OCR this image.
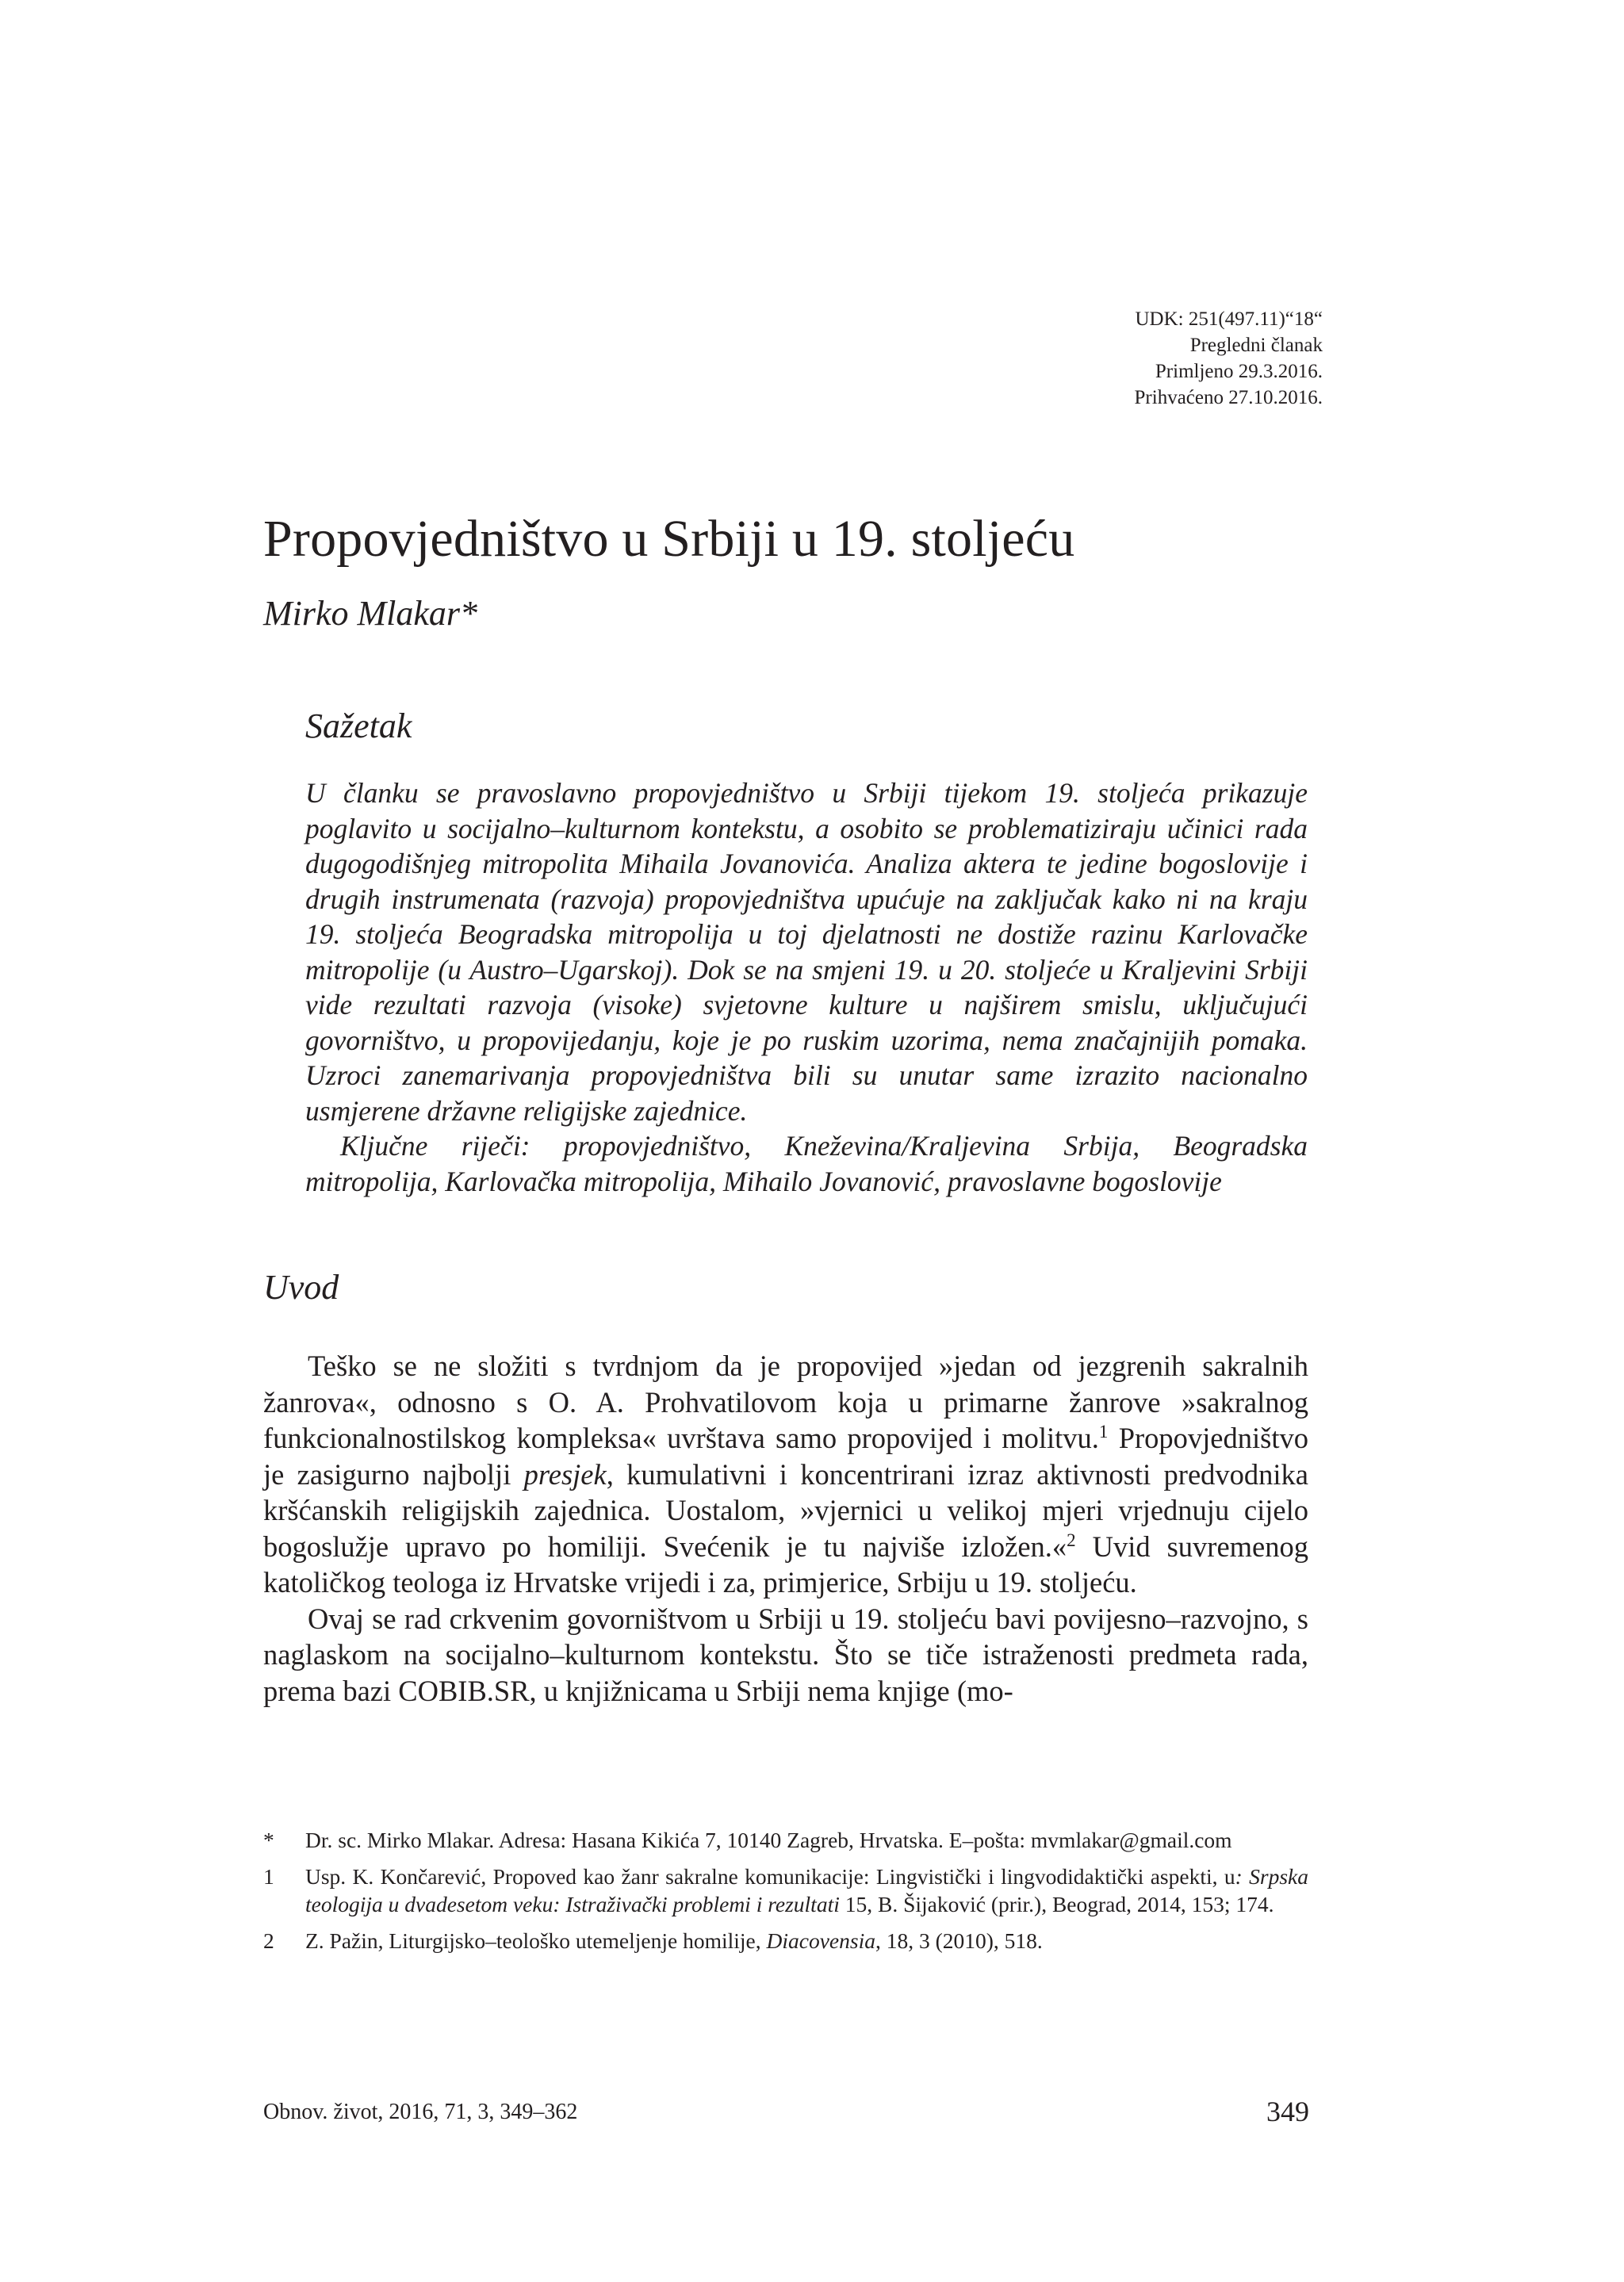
UDK: 251(497.11)“18“
Pregledni članak
Primljeno 29.3.2016.
Prihvaćeno 27.10.2016.
Propovjedništvo u Srbiji u 19. stoljeću
Mirko Mlakar*
Sažetak

U članku se pravoslavno propovjedništvo u Srbiji tijekom 19. stoljeća prikazuje poglavito u socijalno–kulturnom kontekstu, a osobito se problematiziraju učinici rada dugogodišnjeg mitropolita Mihaila Jovanovića. Analiza aktera te jedine bogoslovije i drugih instrumenata (razvoja) propovjedništva upućuje na zaključak kako ni na kraju 19. stoljeća Beogradska mitropolija u toj djelatnosti ne dostiže razinu Karlovačke mitropolije (u Austro–Ugarskoj). Dok se na smjeni 19. u 20. stoljeće u Kraljevini Srbiji vide rezultati razvoja (visoke) svjetovne kulture u najširem smislu, uključujući govorništvo, u propovijedanju, koje je po ruskim uzorima, nema značajnijih pomaka. Uzroci zanemarivanja propovjedništva bili su unutar same izrazito nacionalno usmjerene državne religijske zajednice.

Ključne riječi: propovjedništvo, Kneževina/Kraljevina Srbija, Beogradska mitropolija, Karlovačka mitropolija, Mihailo Jovanović, pravoslavne bogoslovije

Uvod

Teško se ne složiti s tvrdnjom da je propovijed »jedan od jezgrenih sakralnih žanrova«, odnosno s O. A. Prohvatilovom koja u primarne žanrove »sakralnog funkcionalnostilskog kompleksa« uvrštava samo propovijed i molitvu.$^1$ Propovjedništvo je zasigurno najbolji presjek, kumulativni i koncentrirani izraz aktivnosti predvodnika kršćanskih religijskih zajednica. Uostalom, »vjernici u velikoj mjeri vrjednuju cijelo bogoslužje upravo po homiliji. Svećenik je tu najviše izložen.«$^2$ Uvid suvremenog katoličkog teologa iz Hrvatske vrijedi i za, primjerice, Srbiju u 19. stoljeću.

Ovaj se rad crkvenim govorništvom u Srbiji u 19. stoljeću bavi povijesno–razvojno, s naglaskom na socijalno–kulturnom kontekstu. Što se tiče istraženosti predmeta rada, prema bazi COBIB.SR, u knjižnicama u Srbiji nema knjige (mo-

*	Dr. sc. Mirko Mlakar. Adresa: Hasana Kikića 7, 10140 Zagreb, Hrvatska. E–pošta: mvmlakar@gmail.com
1	Usp. K. Končarević, Propoved kao žanr sakralne komunikacije: Lingvistički i lingvodidaktički aspekti, u: Srpska teologija u dvadesetom veku: Istraživački problemi i rezultati 15, B. Šijaković (prir.), Beograd, 2014, 153; 174.
2	Z. Pažin, Liturgijsko–teološko utemeljenje homilije, Diacovensia, 18, 3 (2010), 518.
Obnov. život, 2016, 71, 3, 349–362	349
